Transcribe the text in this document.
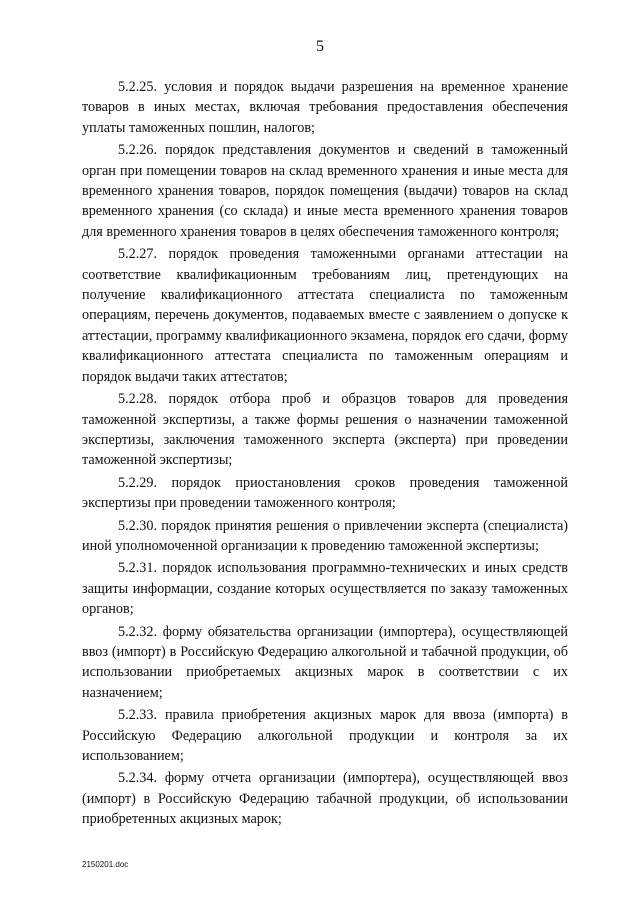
5

5.2.25. условия и порядок выдачи разрешения на временное хранение товаров в иных местах, включая требования предоставления обеспечения уплаты таможенных пошлин, налогов;

5.2.26. порядок представления документов и сведений в таможенный орган при помещении товаров на склад временного хранения и иные места для временного хранения товаров, порядок помещения (выдачи) товаров на склад временного хранения (со склада) и иные места временного хранения товаров для временного хранения товаров в целях обеспечения таможенного контроля;

5.2.27. порядок проведения таможенными органами аттестации на соответствие квалификационным требованиям лиц, претендующих на получение квалификационного аттестата специалиста по таможенным операциям, перечень документов, подаваемых вместе с заявлением о допуске к аттестации, программу квалификационного экзамена, порядок его сдачи, форму квалификационного аттестата специалиста по таможенным операциям и порядок выдачи таких аттестатов;

5.2.28. порядок отбора проб и образцов товаров для проведения таможенной экспертизы, а также формы решения о назначении таможенной экспертизы, заключения таможенного эксперта (эксперта) при проведении таможенной экспертизы;

5.2.29. порядок приостановления сроков проведения таможенной экспертизы при проведении таможенного контроля;

5.2.30. порядок принятия решения о привлечении эксперта (специалиста) иной уполномоченной организации к проведению таможенной экспертизы;

5.2.31. порядок использования программно-технических и иных средств защиты информации, создание которых осуществляется по заказу таможенных органов;

5.2.32. форму обязательства организации (импортера), осуществляющей ввоз (импорт) в Российскую Федерацию алкогольной и табачной продукции, об использовании приобретаемых акцизных марок в соответствии с их назначением;

5.2.33. правила приобретения акцизных марок для ввоза (импорта) в Российскую Федерацию алкогольной продукции и контроля за их использованием;

5.2.34. форму отчета организации (импортера), осуществляющей ввоз (импорт) в Российскую Федерацию табачной продукции, об использовании приобретенных акцизных марок;

2150201.doc
